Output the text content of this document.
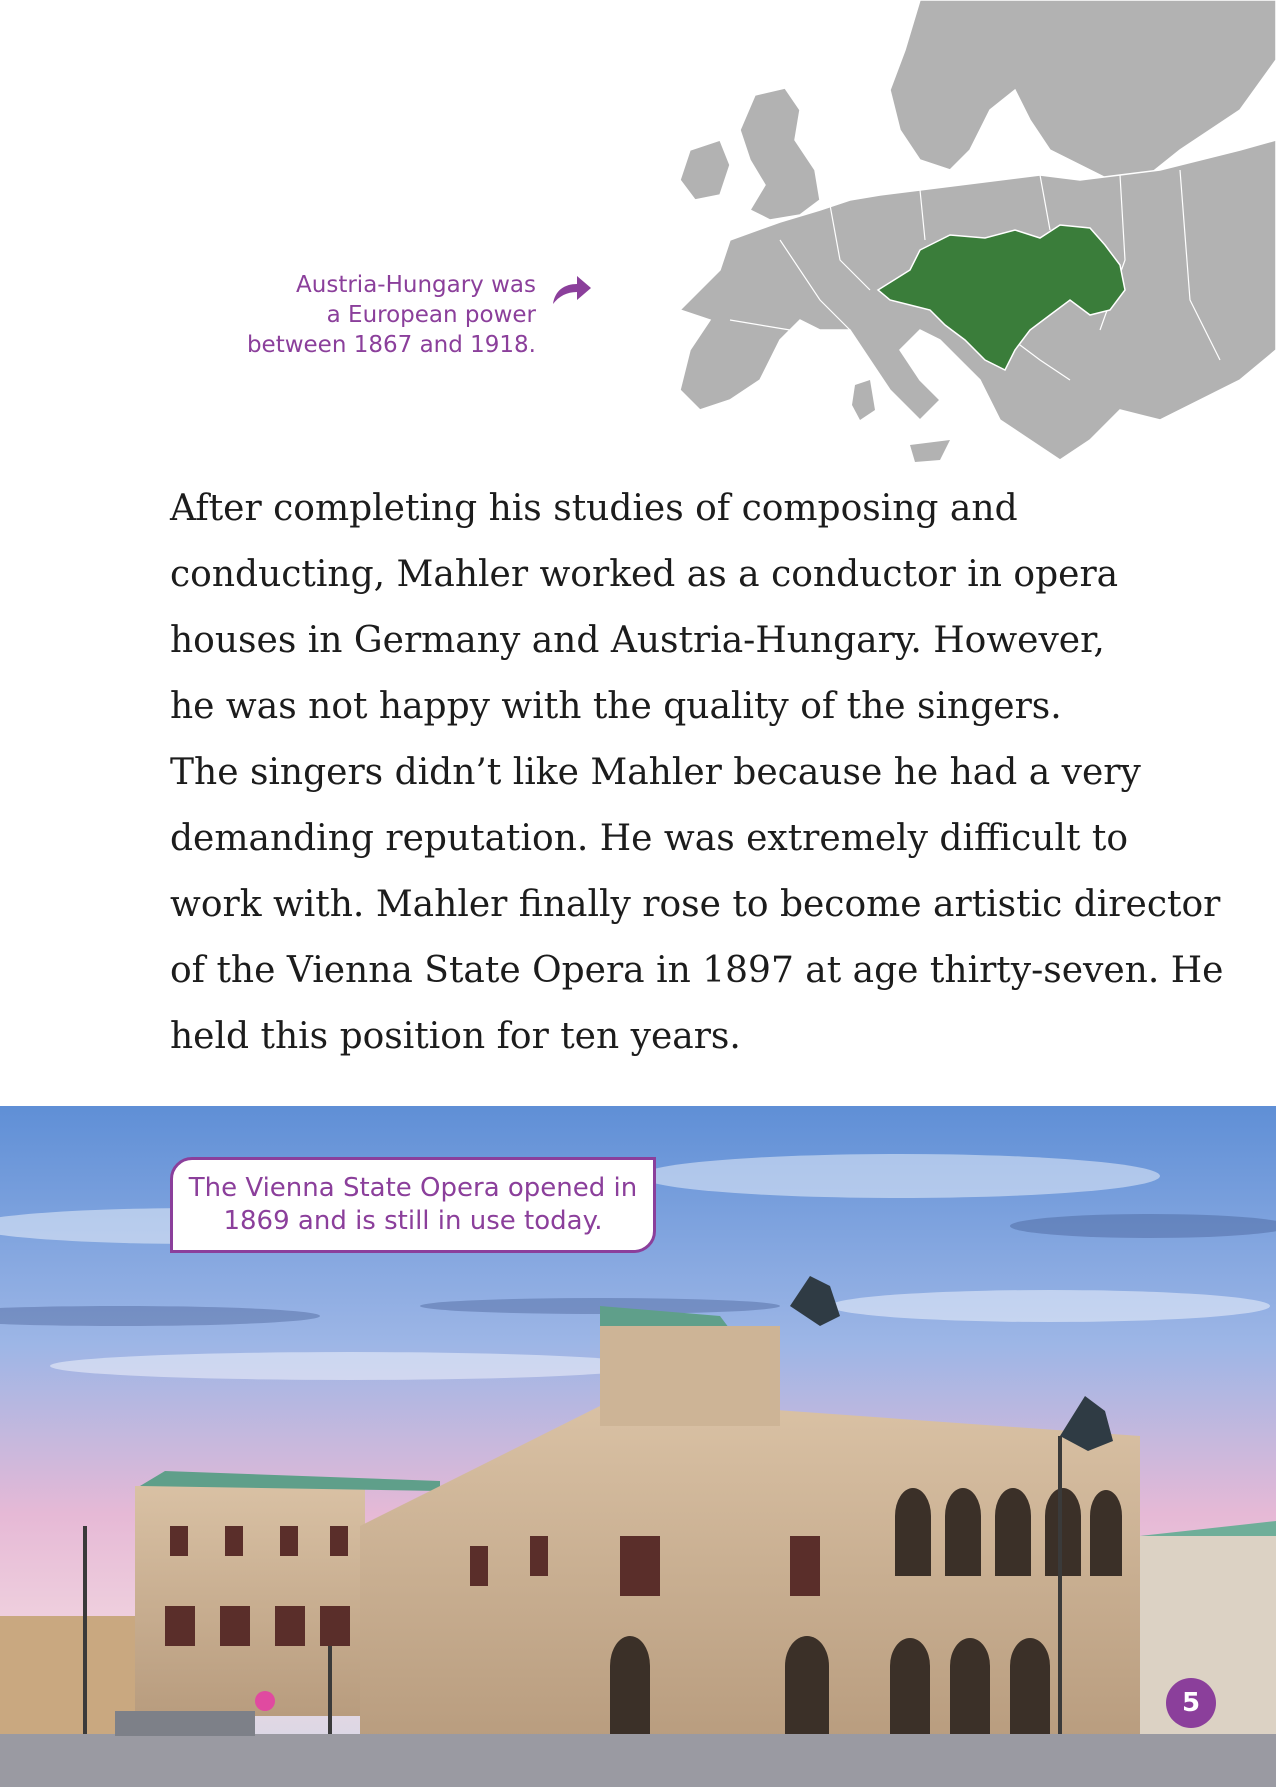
Austria-Hungary was
a European power
between 1867 and 1918.
After completing his studies of composing and
conducting, Mahler worked as a conductor in opera
houses in Germany and Austria-Hungary. However,
he was not happy with the quality of the singers.
The singers didn’t like Mahler because he had a very
demanding reputation. He was extremely difficult to
work with. Mahler finally rose to become artistic director
of the Vienna State Opera in 1897 at age thirty-seven. He
held this position for ten years.
The Vienna State Opera opened in
1869 and is still in use today.
5
